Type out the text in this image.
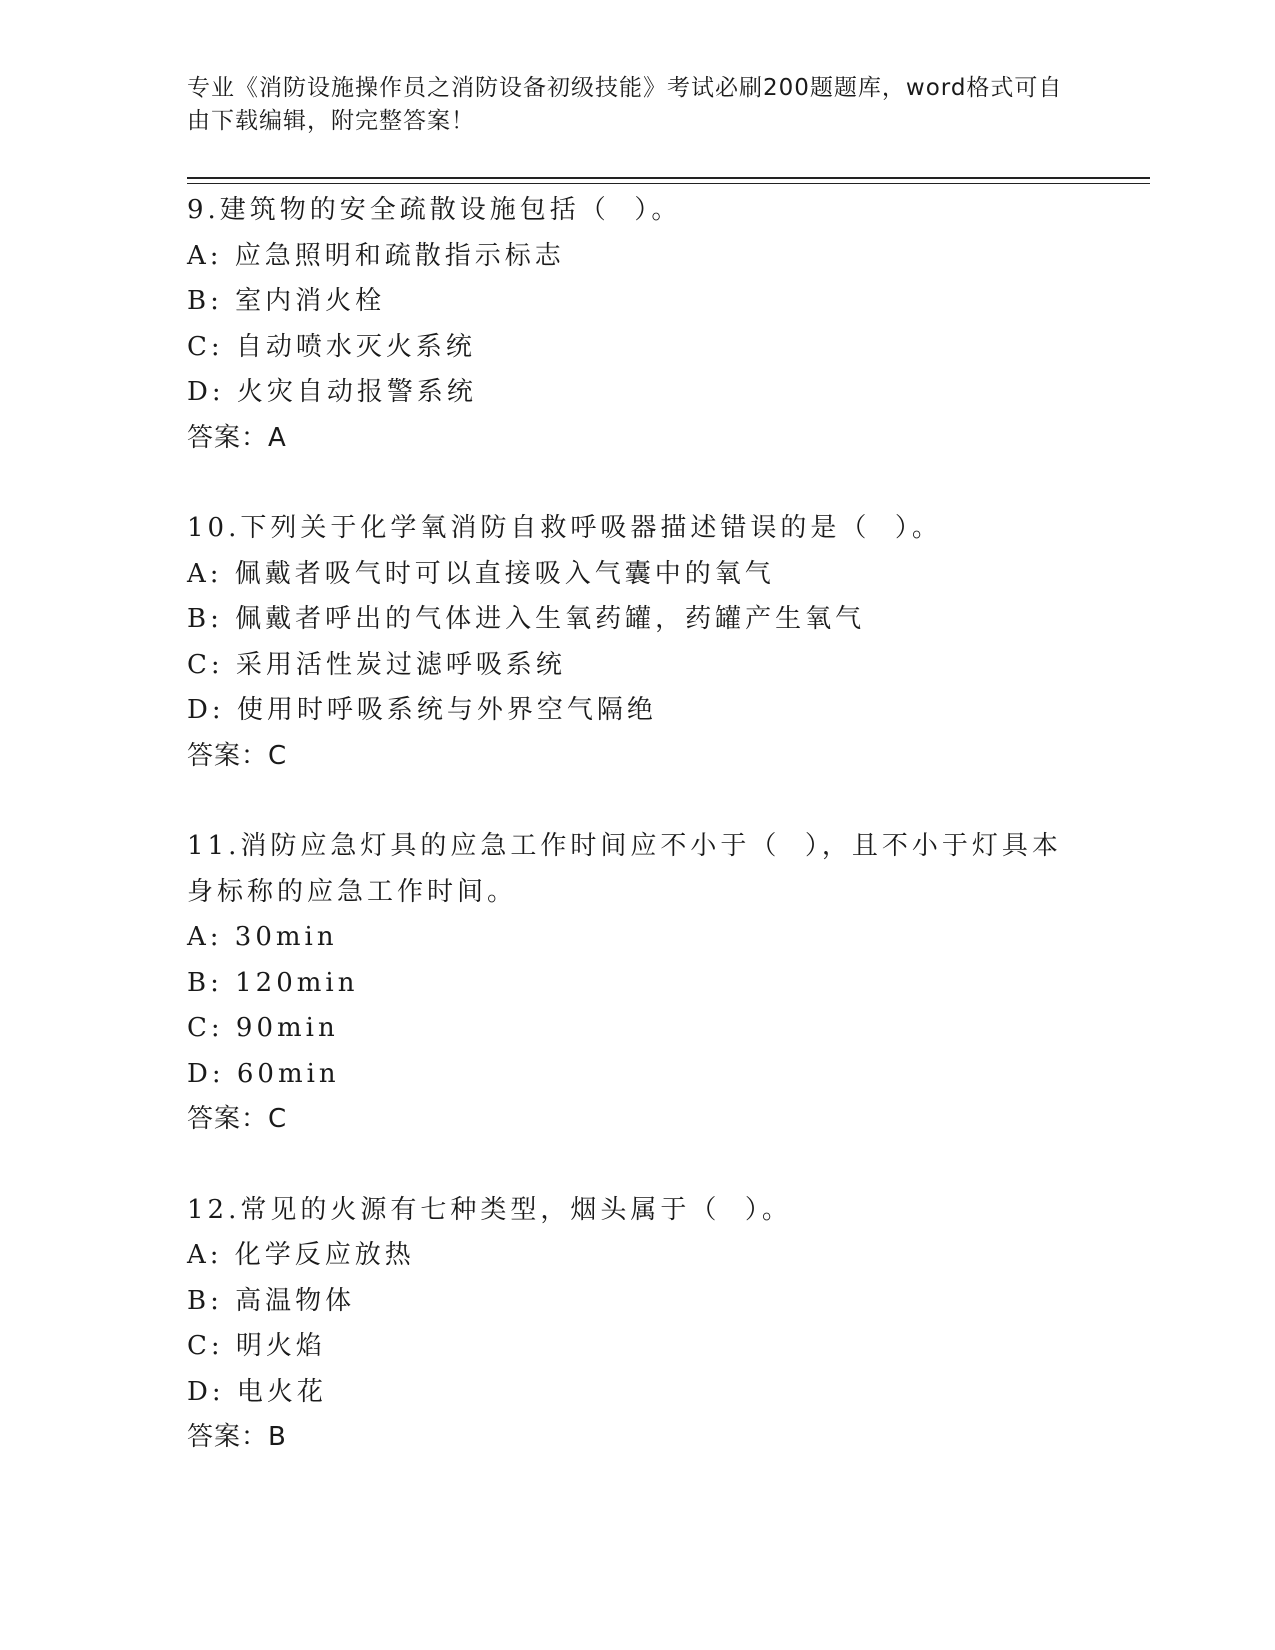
专业《消防设施操作员之消防设备初级技能》考试必刷200题题库，word格式可自由下载编辑，附完整答案！
9.建筑物的安全疏散设施包括（  ）。
A: 应急照明和疏散指示标志
B: 室内消火栓
C: 自动喷水灭火系统
D: 火灾自动报警系统
答案：A
10.下列关于化学氧消防自救呼吸器描述错误的是（  ）。
A: 佩戴者吸气时可以直接吸入气囊中的氧气
B: 佩戴者呼出的气体进入生氧药罐，药罐产生氧气
C: 采用活性炭过滤呼吸系统
D: 使用时呼吸系统与外界空气隔绝
答案：C
11.消防应急灯具的应急工作时间应不小于（  ），且不小于灯具本身标称的应急工作时间。
A: 30min
B: 120min
C: 90min
D: 60min
答案：C
12.常见的火源有七种类型，烟头属于（  ）。
A: 化学反应放热
B: 高温物体
C: 明火焰
D: 电火花
答案：B
